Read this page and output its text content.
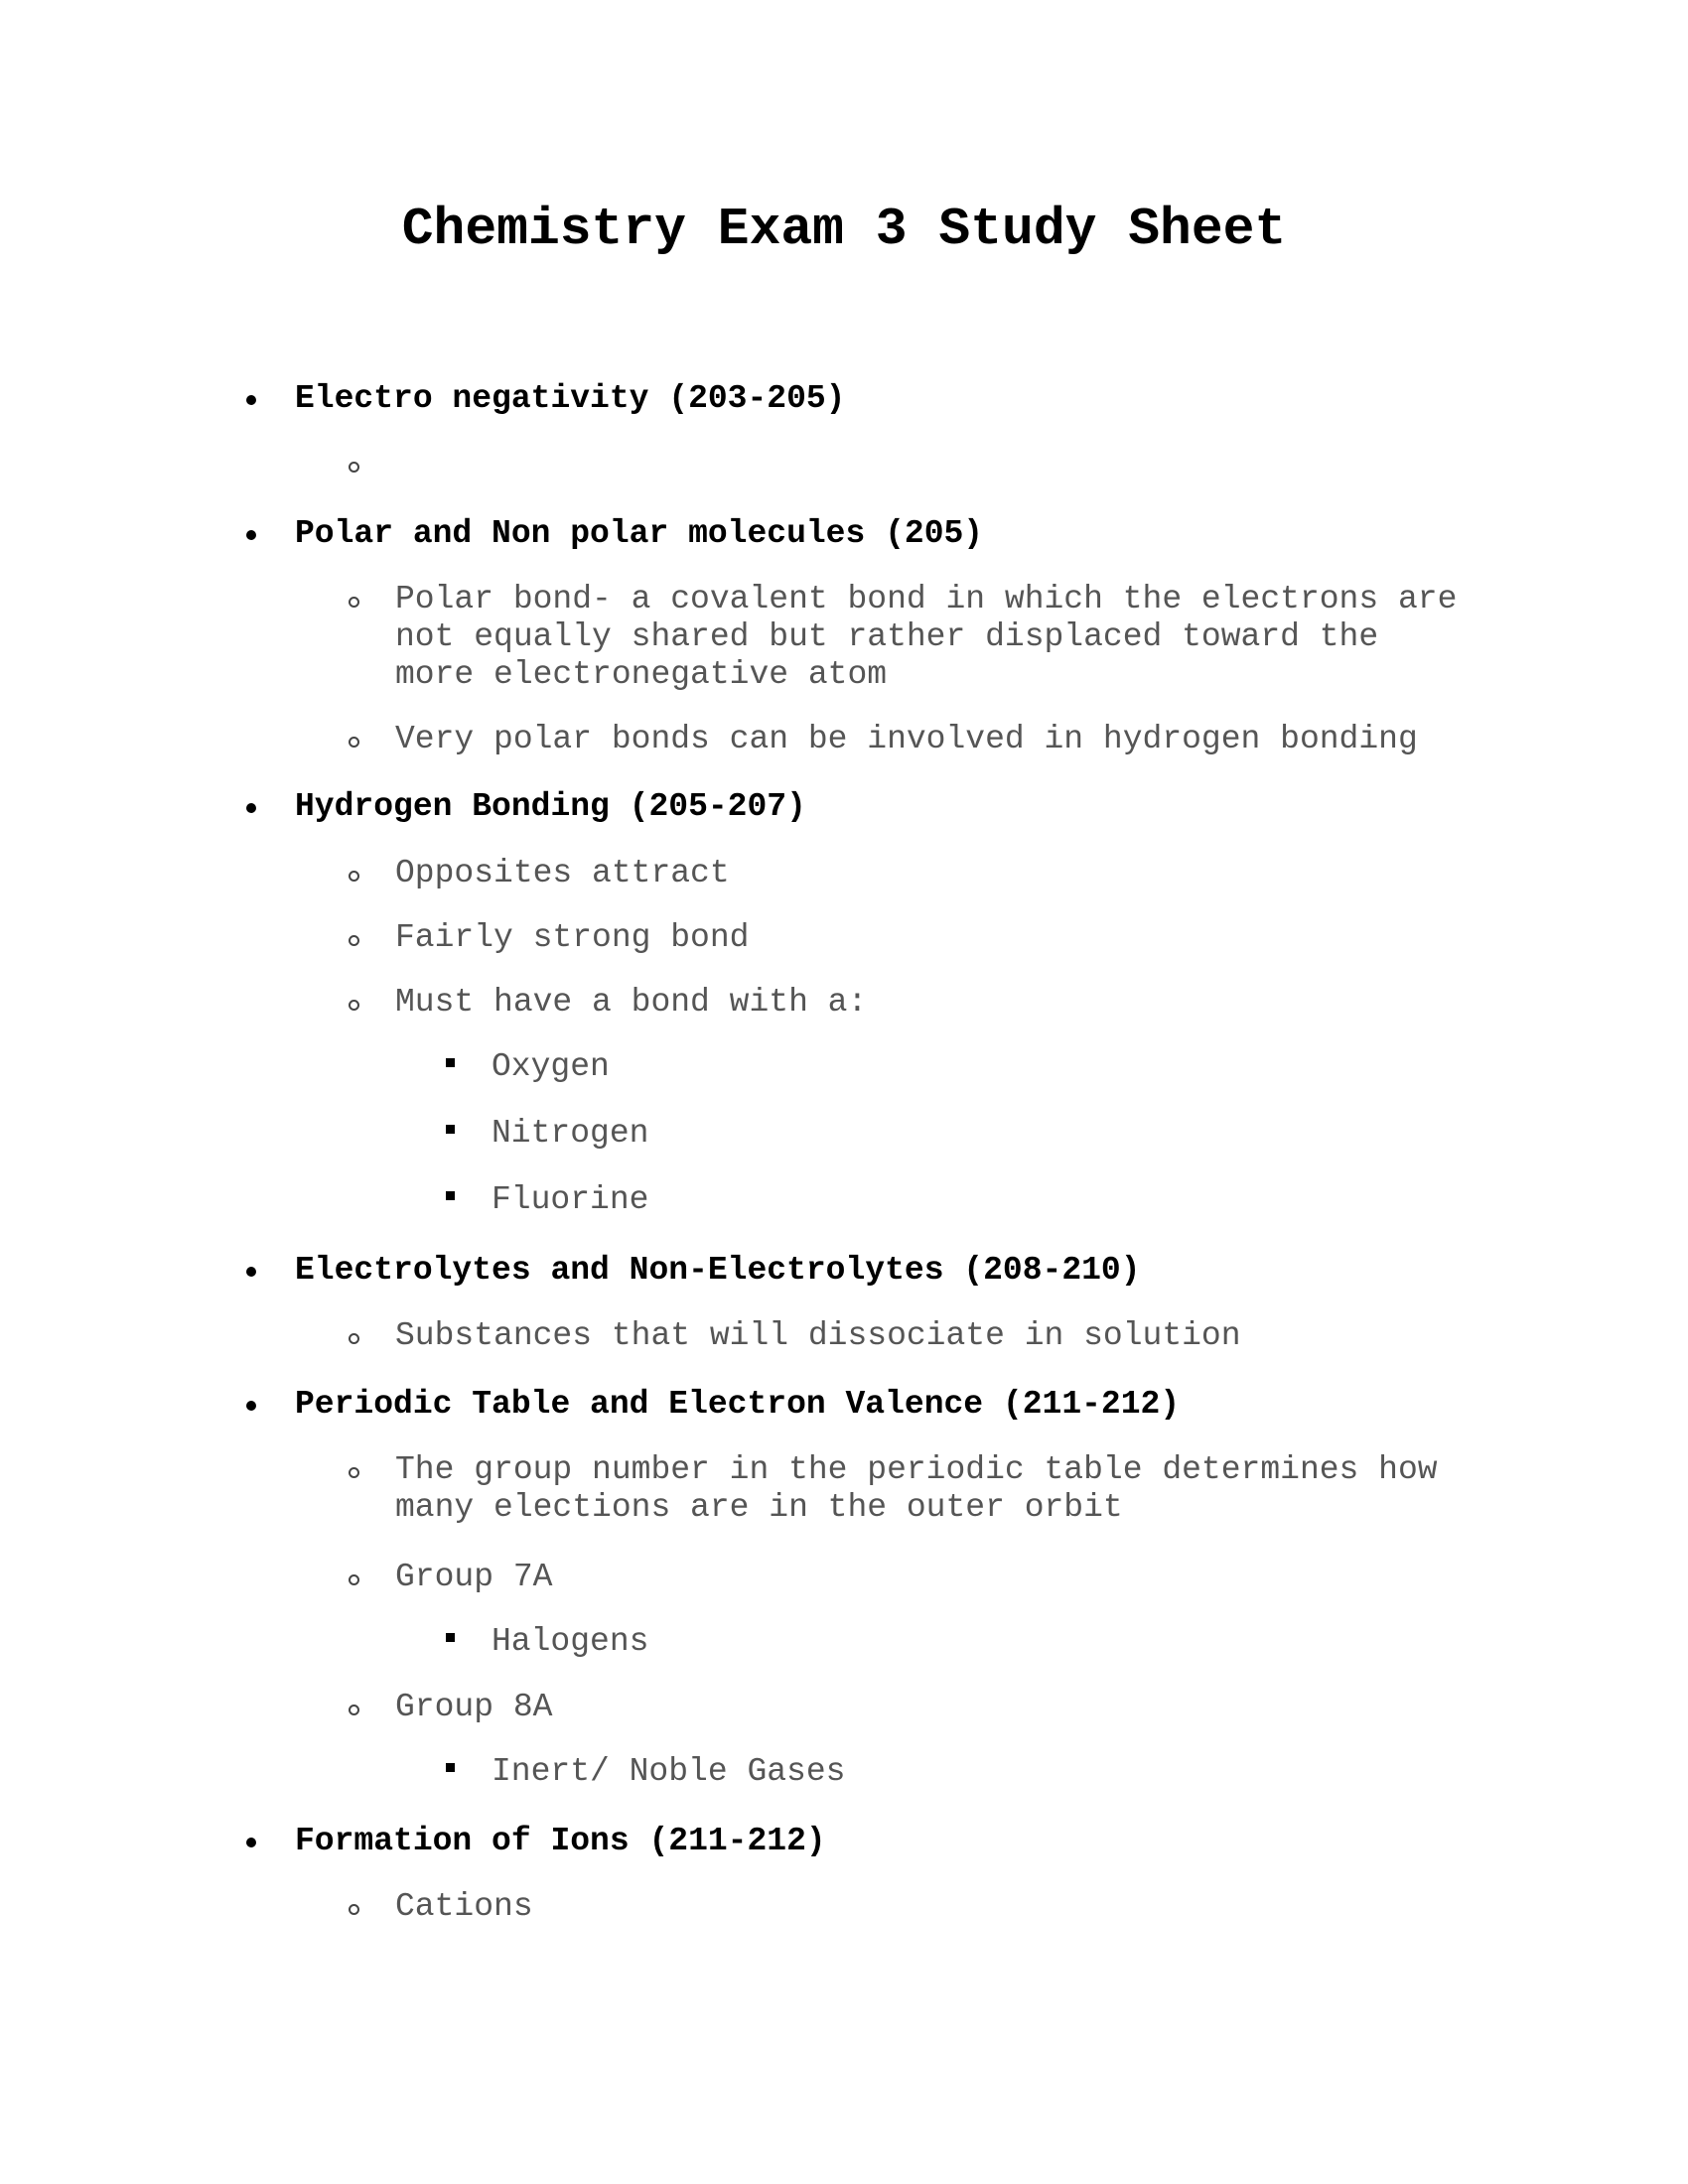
Chemistry Exam 3 Study Sheet

Electro negativity (203-205)

Polar and Non polar molecules (205)

Polar bond- a covalent bond in which the electrons are not equally shared but rather displaced toward the more electronegative atom

Very polar bonds can be involved in hydrogen bonding

Hydrogen Bonding (205-207)

Opposites attract

Fairly strong bond

Must have a bond with a:

Oxygen

Nitrogen

Fluorine

Electrolytes and Non-Electrolytes (208-210)

Substances that will dissociate in solution

Periodic Table and Electron Valence (211-212)

The group number in the periodic table determines how many elections are in the outer orbit

Group 7A

Halogens

Group 8A

Inert/ Noble Gases

Formation of Ions (211-212)

Cations
